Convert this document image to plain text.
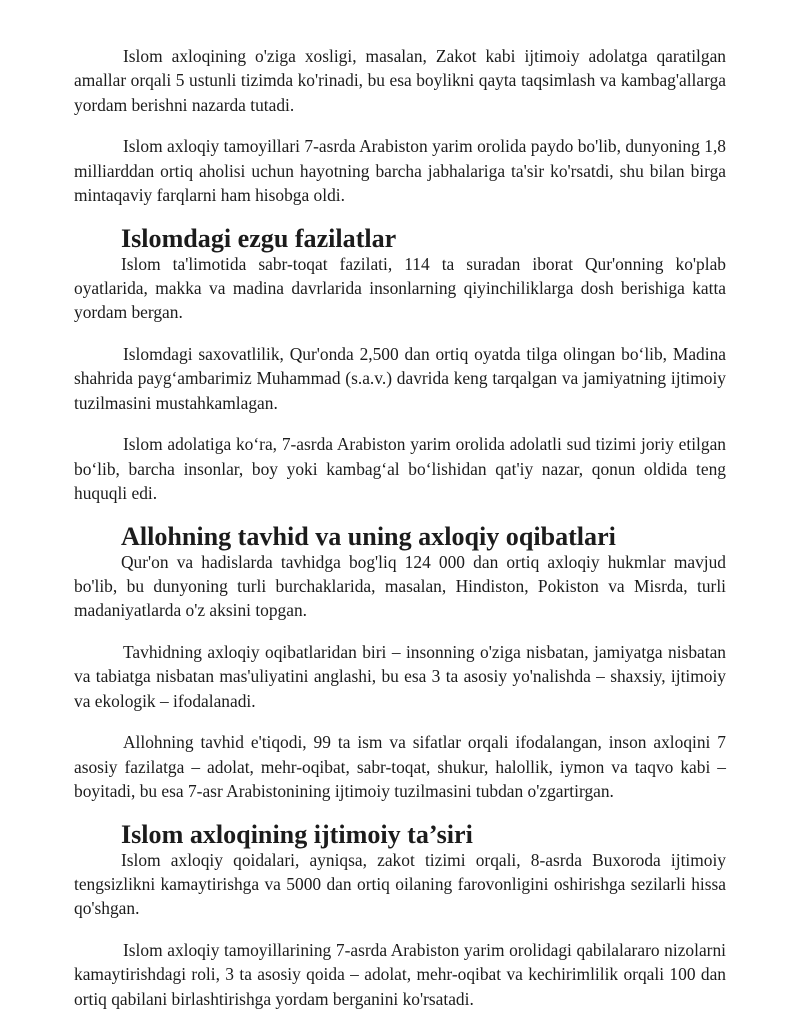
Islom axloqining o'ziga xosligi, masalan, Zakot kabi ijtimoiy adolatga qaratilgan amallar orqali 5 ustunli tizimda ko'rinadi, bu esa boylikni qayta taqsimlash va kambag'allarga yordam berishni nazarda tutadi.

Islom axloqiy tamoyillari 7-asrda Arabiston yarim orolida paydo bo'lib, dunyoning 1,8 milliarddan ortiq aholisi uchun hayotning barcha jabhalariga ta'sir ko'rsatdi, shu bilan birga mintaqaviy farqlarni ham hisobga oldi.

Islomdagi ezgu fazilatlar

Islom ta'limotida sabr-toqat fazilati, 114 ta suradan iborat Qur'onning ko'plab oyatlarida, makka va madina davrlarida insonlarning qiyinchiliklarga dosh berishiga katta yordam bergan.

Islomdagi saxovatlilik, Qur'onda 2,500 dan ortiq oyatda tilga olingan bo‘lib, Madina shahrida payg‘ambarimiz Muhammad (s.a.v.) davrida keng tarqalgan va jamiyatning ijtimoiy tuzilmasini mustahkamlagan.

Islom adolatiga ko‘ra, 7-asrda Arabiston yarim orolida adolatli sud tizimi joriy etilgan bo‘lib, barcha insonlar, boy yoki kambag‘al bo‘lishidan qat'iy nazar, qonun oldida teng huquqli edi.

Allohning tavhid va uning axloqiy oqibatlari

Qur'on va hadislarda tavhidga bog'liq 124 000 dan ortiq axloqiy hukmlar mavjud bo'lib, bu dunyoning turli burchaklarida, masalan, Hindiston, Pokiston va Misrda, turli madaniyatlarda o'z aksini topgan.

Tavhidning axloqiy oqibatlaridan biri – insonning o'ziga nisbatan, jamiyatga nisbatan va tabiatga nisbatan mas'uliyatini anglashi, bu esa 3 ta asosiy yo'nalishda – shaxsiy, ijtimoiy va ekologik – ifodalanadi.

Allohning tavhid e'tiqodi, 99 ta ism va sifatlar orqali ifodalangan, inson axloqini 7 asosiy fazilatga – adolat, mehr-oqibat, sabr-toqat, shukur, halollik, iymon va taqvo kabi – boyitadi, bu esa 7-asr Arabistonining ijtimoiy tuzilmasini tubdan o'zgartirgan.

Islom axloqining ijtimoiy ta’siri

Islom axloqiy qoidalari, ayniqsa, zakot tizimi orqali, 8-asrda Buxoroda ijtimoiy tengsizlikni kamaytirishga va 5000 dan ortiq oilaning farovonligini oshirishga sezilarli hissa qo'shgan.

Islom axloqiy tamoyillarining 7-asrda Arabiston yarim orolidagi qabilalararo nizolarni kamaytirishdagi roli, 3 ta asosiy qoida – adolat, mehr-oqibat va kechirimlilik orqali 100 dan ortiq qabilani birlashtirishga yordam berganini ko'rsatadi.
